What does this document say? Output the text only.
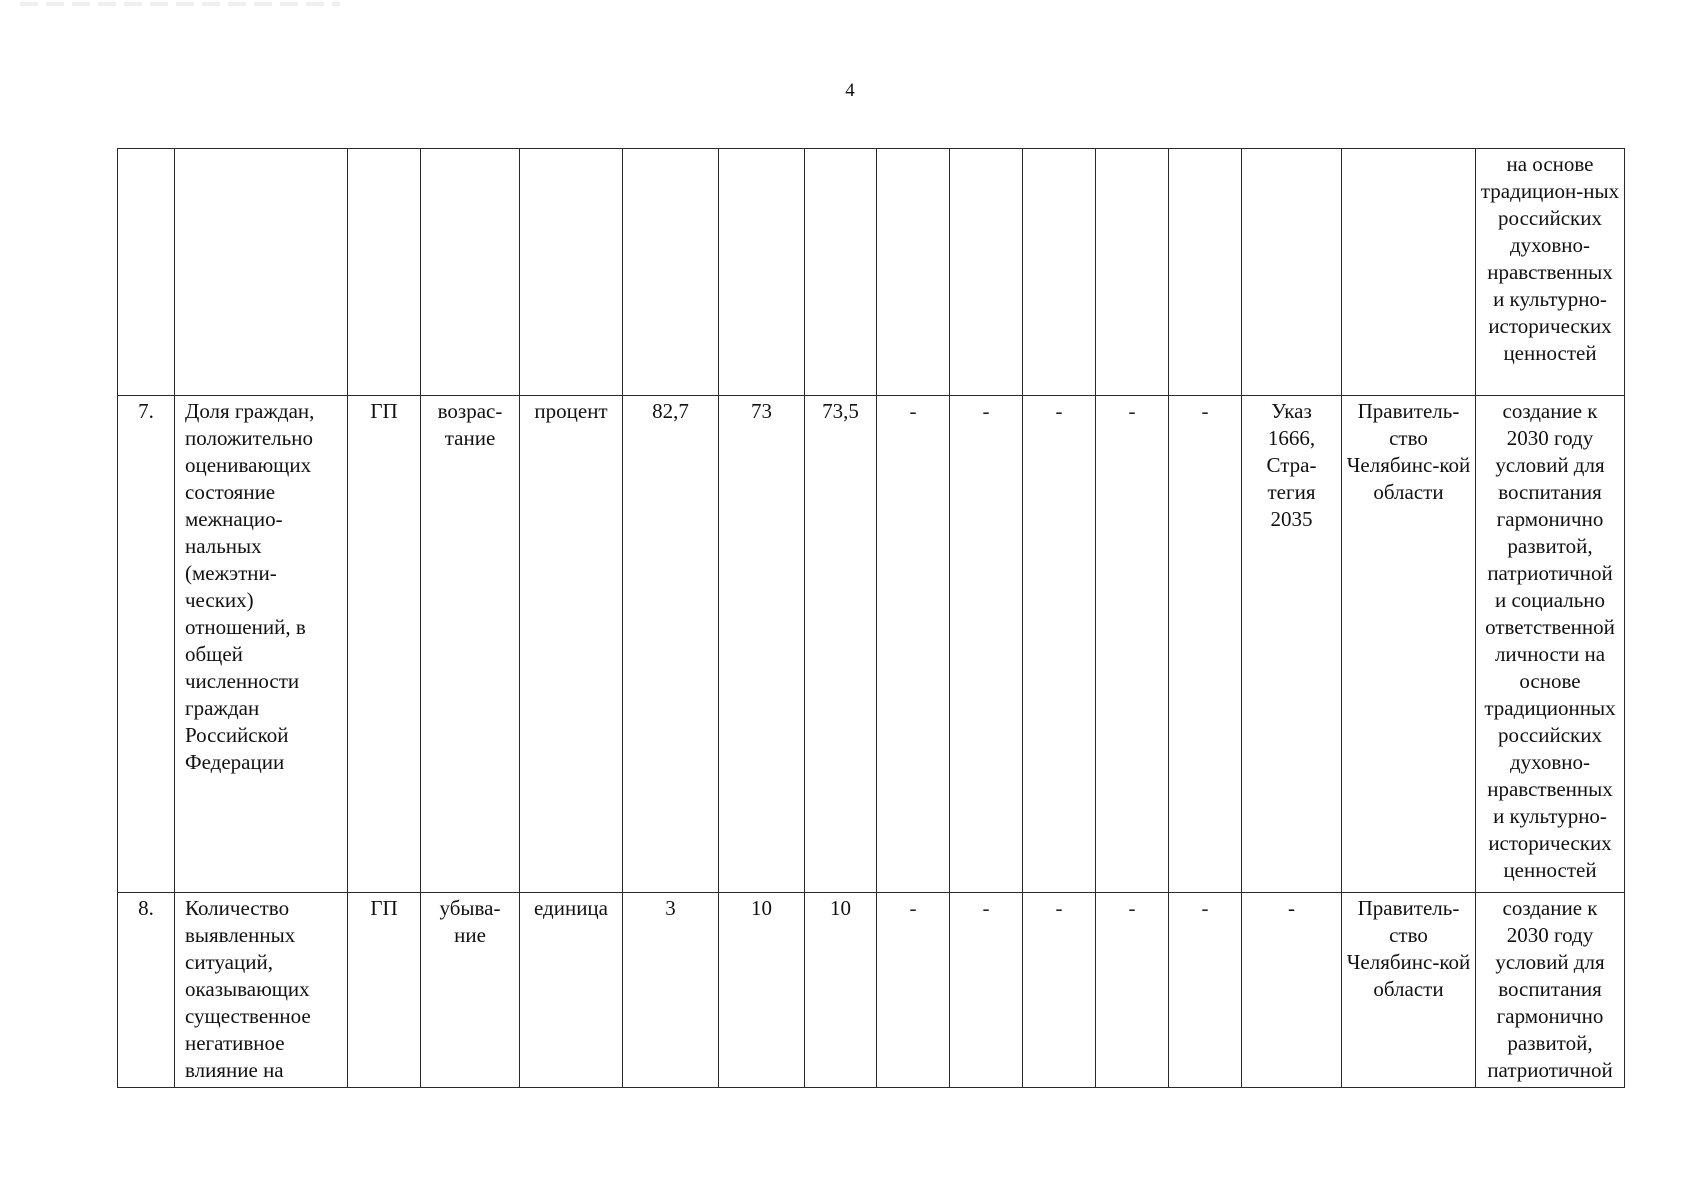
4
															на основе традицион-ных российских духовно-нравственных и культурно-исторических ценностей
7.	Доля граждан, положительно оценивающих состояние межнацио-нальных (межэтни-ческих) отношений, в общей численности граждан Российской Федерации	ГП	возрас-тание	процент	82,7	73	73,5	-	-	-	-	-	Указ 1666, Стра-тегия 2035	Правитель-ство Челябинс-кой области	создание к 2030 году условий для воспитания гармонично развитой, патриотичной и социально ответственной личности на основе традиционных российских духовно-нравственных и культурно-исторических ценностей
8.	Количество выявленных ситуаций, оказывающих существенное негативное влияние на	ГП	убыва-ние	единица	3	10	10	-	-	-	-	-	-	Правитель-ство Челябинс-кой области	создание к 2030 году условий для воспитания гармонично развитой, патриотичной
